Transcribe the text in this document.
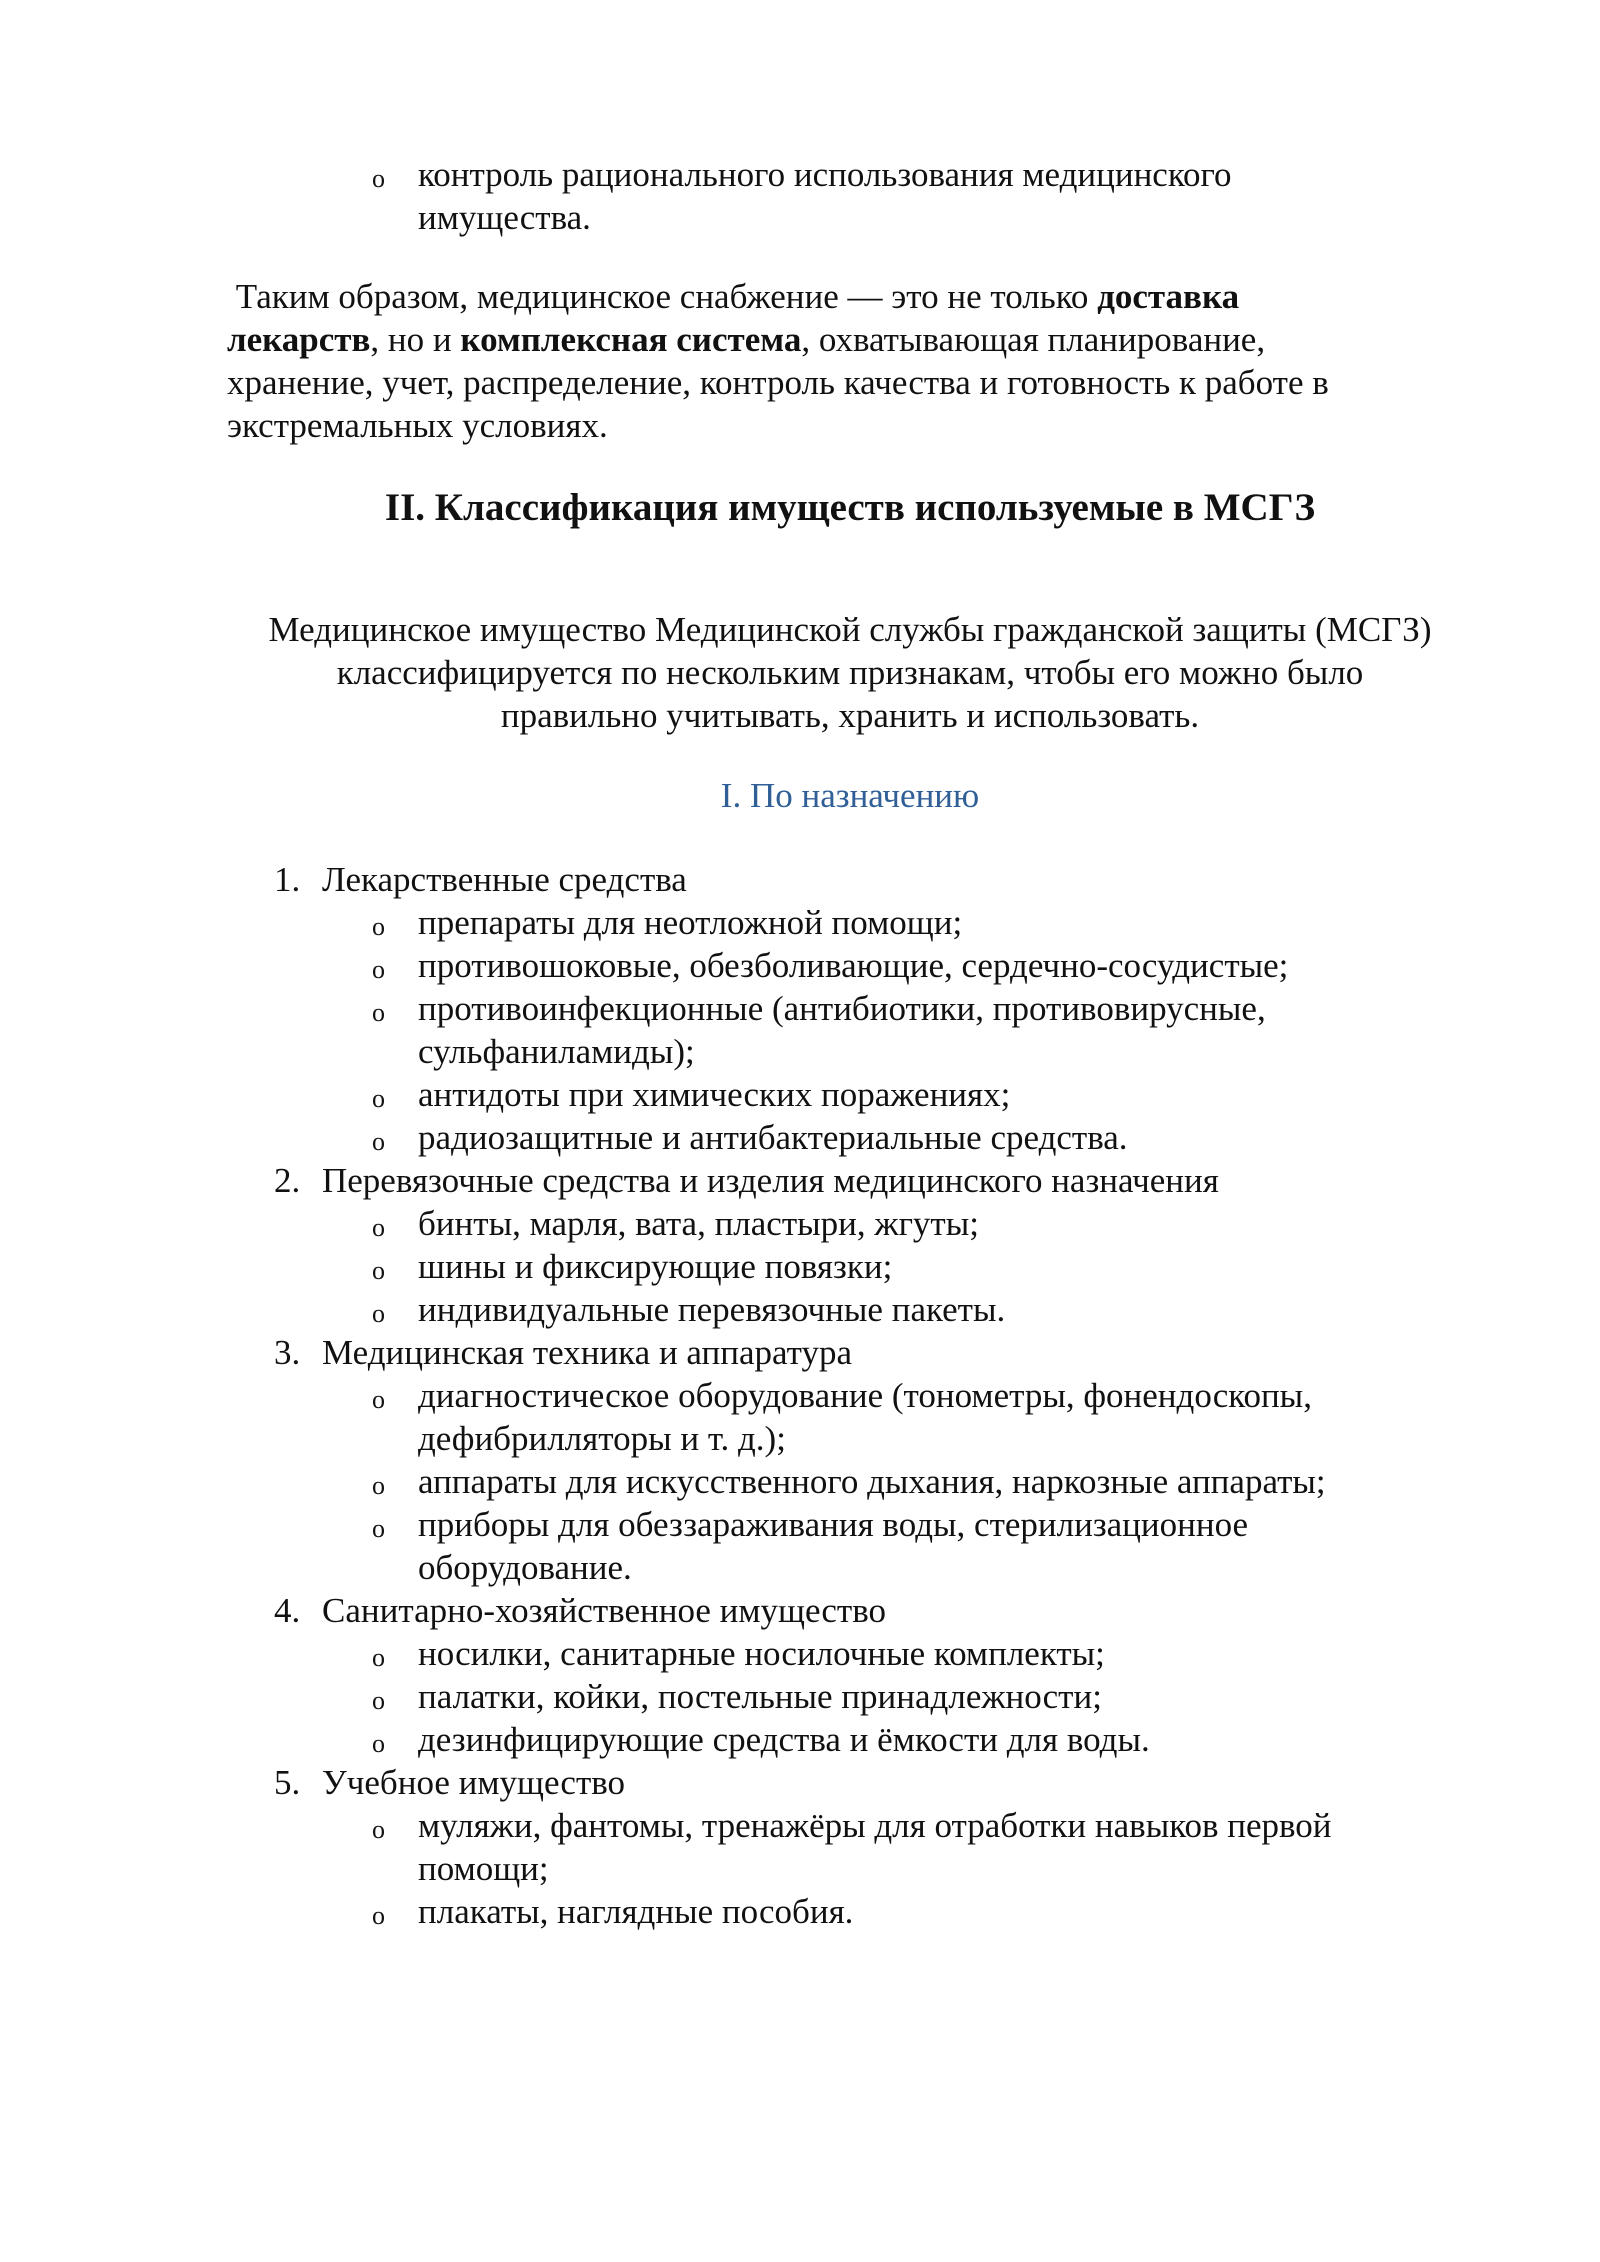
o контроль рационального использования медицинского
имущества.
Таким образом, медицинское снабжение — это не только доставка
лекарств, но и комплексная система, охватывающая планирование,
хранение, учет, распределение, контроль качества и готовность к работе в
экстремальных условиях.
II. Классификация имуществ используемые в МСГЗ
Медицинское имущество Медицинской службы гражданской защиты (МСГЗ)
классифицируется по нескольким признакам, чтобы его можно было
правильно учитывать, хранить и использовать.
I. По назначению
1. Лекарственные средства
o препараты для неотложной помощи;
o противошоковые, обезболивающие, сердечно-сосудистые;
o противоинфекционные (антибиотики, противовирусные,
сульфаниламиды);
o антидоты при химических поражениях;
o радиозащитные и антибактериальные средства.
2. Перевязочные средства и изделия медицинского назначения
o бинты, марля, вата, пластыри, жгуты;
o шины и фиксирующие повязки;
o индивидуальные перевязочные пакеты.
3. Медицинская техника и аппаратура
o диагностическое оборудование (тонометры, фонендоскопы,
дефибрилляторы и т. д.);
o аппараты для искусственного дыхания, наркозные аппараты;
o приборы для обеззараживания воды, стерилизационное
оборудование.
4. Санитарно-хозяйственное имущество
o носилки, санитарные носилочные комплекты;
o палатки, койки, постельные принадлежности;
o дезинфицирующие средства и ёмкости для воды.
5. Учебное имущество
o муляжи, фантомы, тренажёры для отработки навыков первой
помощи;
o плакаты, наглядные пособия.
